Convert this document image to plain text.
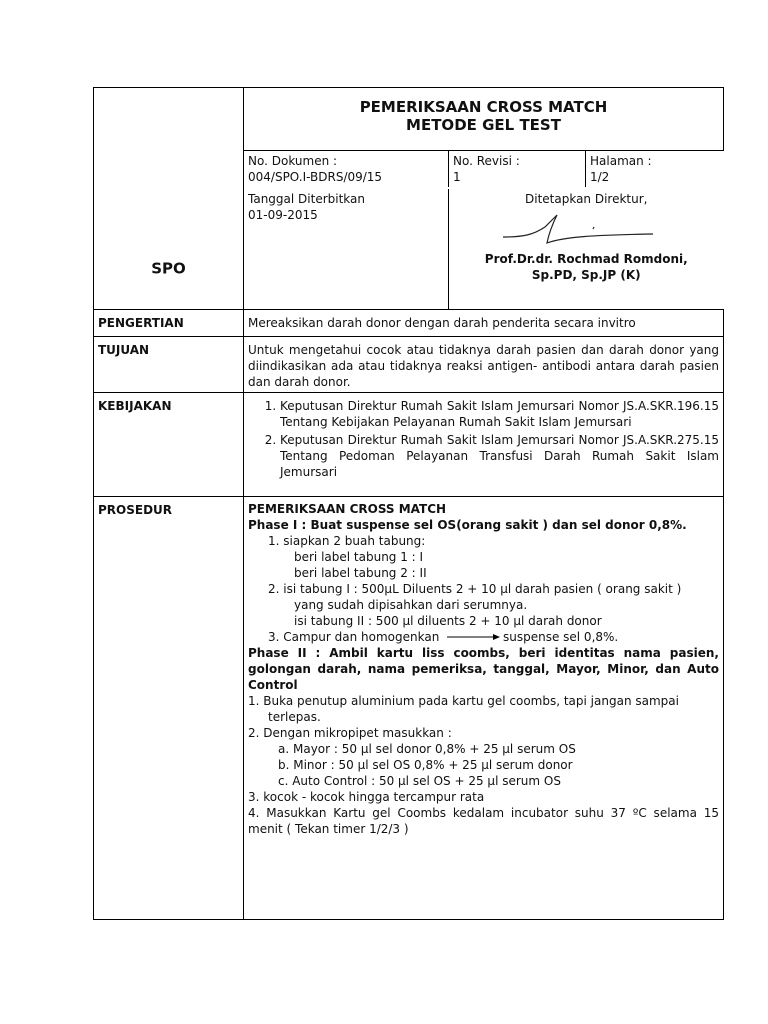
SPO	
PEMERIKSAAN CROSS MATCH
METODE GEL TEST

No. Dokumen :
004/SPO.I-BDRS/09/15

No. Revisi :
1

Halaman :
1/2

Tanggal Diterbitkan
01-09-2015

Ditetapkan Direktur,
Prof.Dr.dr. Rochmad Romdoni,
Sp.PD, Sp.JP (K)

PENGERTIAN	Mereaksikan darah donor dengan darah penderita secara invitro
TUJUAN	Untuk mengetahui cocok atau tidaknya darah pasien dan darah donor yang diindikasikan ada atau tidaknya reaksi antigen- antibodi antara darah pasien dan darah donor.
KEBIJAKAN	
1.Keputusan Direktur Rumah Sakit Islam Jemursari Nomor JS.A.SKR.196.15 Tentang Kebijakan Pelayanan Rumah Sakit Islam Jemursari
2. Keputusan Direktur Rumah Sakit Islam Jemursari Nomor JS.A.SKR.275.15 Tentang Pedoman Pelayanan Transfusi Darah Rumah Sakit Islam Jemursari

PROSEDUR	PEMERIKSAAN CROSS MATCH
Phase I : Buat suspense sel OS(orang sakit ) dan sel donor 0,8%.
1. siapkan 2 buah tabung:
beri label tabung 1 : I
beri label tabung 2 : II
2. isi tabung I : 500µL Diluents 2 + 10 µl darah pasien ( orang sakit )
yang sudah dipisahkan dari serumnya.
isi tabung II : 500 µl diluents 2 + 10 µl darah donor
3. Campur dan homogenkan	suspense sel 0,8%.
Phase II : Ambil kartu liss coombs, beri identitas nama pasien, golongan darah, nama pemeriksa, tanggal, Mayor, Minor, dan Auto Control
1. Buka penutup aluminium pada kartu gel coombs, tapi jangan sampai
terlepas.
2. Dengan mikropipet masukkan :
a. Mayor : 50 µl sel donor 0,8% + 25 µl serum OS
b. Minor : 50 µl sel OS 0,8% + 25 µl serum donor
c. Auto Control : 50 µl sel OS + 25 µl serum OS
3. kocok - kocok hingga tercampur rata
4. Masukkan Kartu gel Coombs kedalam incubator suhu 37 ºC selama 15 menit ( Tekan timer 1/2/3 )
